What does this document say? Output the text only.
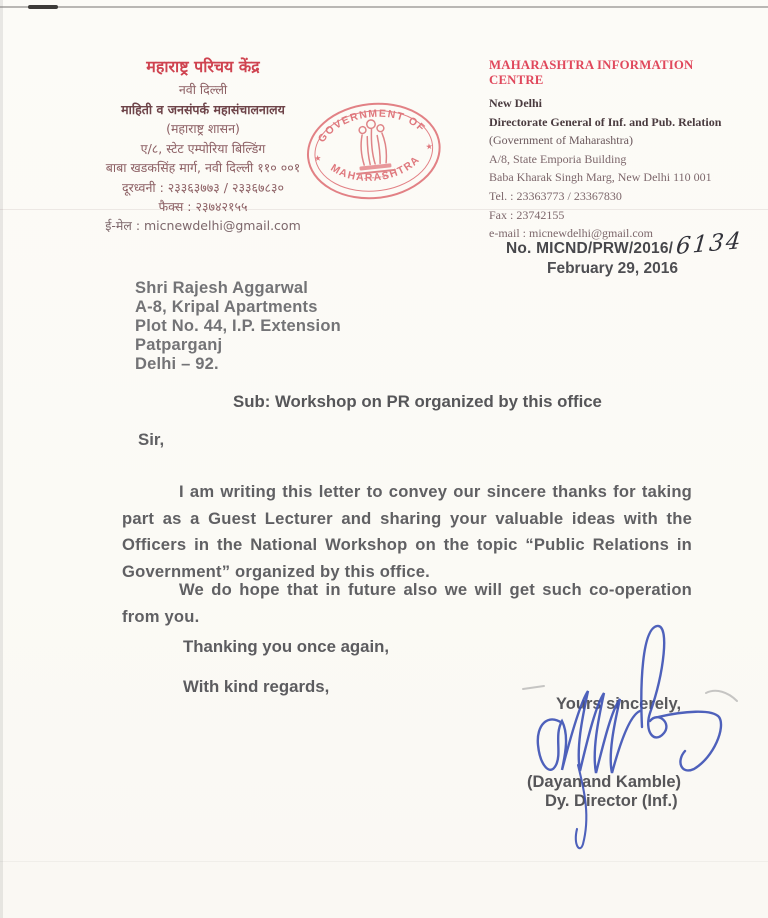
महाराष्ट्र परिचय केंद्र
नवी दिल्ली
माहिती व जनसंपर्क महासंचालनालय
(महाराष्ट्र शासन)
ए/८, स्टेट एम्पोरिया बिल्डिंग
बाबा खडकसिंह मार्ग, नवी दिल्ली ११० ००१
दूरध्वनी : २३३६३७७३ / २३३६७८३०
फैक्स : २३७४२१५५
ई-मेल : micnewdelhi@gmail.com
GOVERNMENT OF
MAHARASHTRA
★
★
MAHARASHTRA INFORMATION CENTRE
New Delhi
Directorate General of Inf. and Pub. Relation
(Government of Maharashtra)
A/8, State Emporia Building
Baba Kharak Singh Marg, New Delhi 110 001
Tel. : 23363773 / 23367830
Fax : 23742155
e-mail : micnewdelhi@gmail.com
No. MICND/PRW/2016/ 6134
February 29, 2016
Shri Rajesh Aggarwal
A-8, Kripal Apartments
Plot No. 44, I.P. Extension
Patparganj
Delhi – 92.
Sub: Workshop on PR organized by this office
Sir,
I am writing this letter to convey our sincere thanks for taking part as a Guest Lecturer and sharing your valuable ideas with the Officers in the National Workshop on the topic “Public Relations in Government” organized by this office.
We do hope that in future also we will get such co-operation from you.
Thanking you once again,
With kind regards,
Yours sincerely,
(Dayanand Kamble)
Dy. Director (Inf.)
